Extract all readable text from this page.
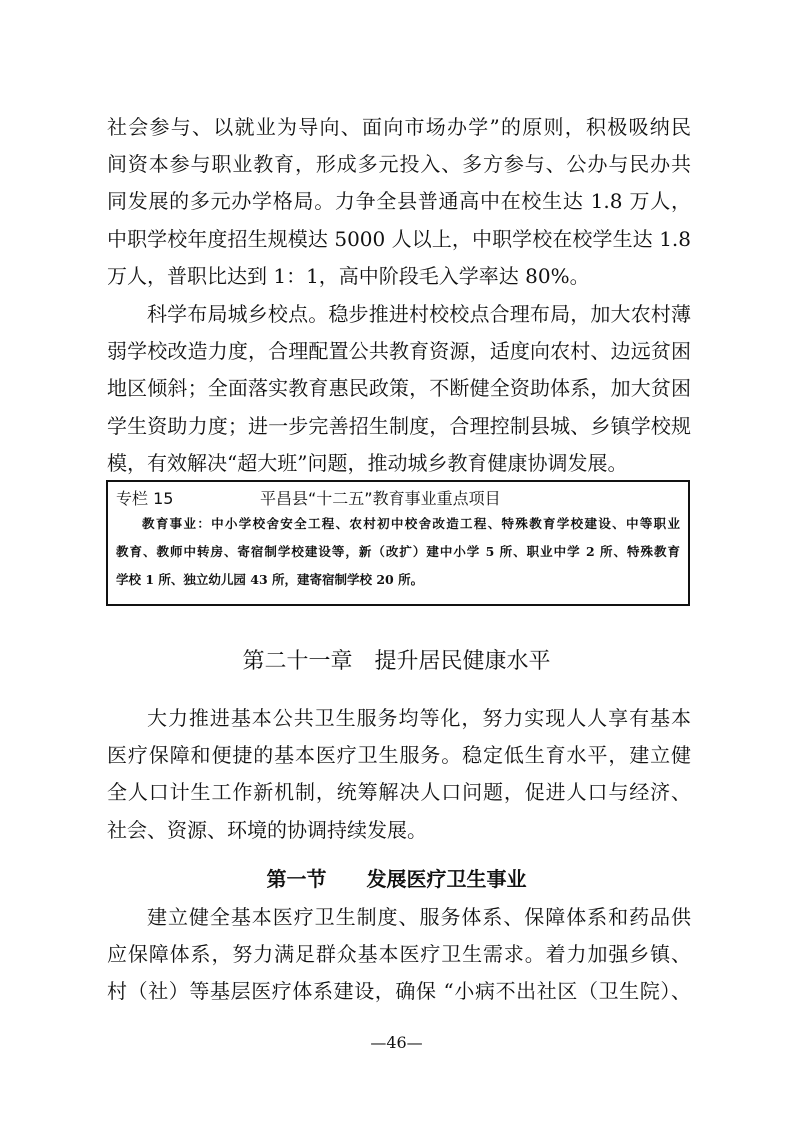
社会参与、以就业为导向、面向市场办学”的原则，积极吸纳民
间资本参与职业教育，形成多元投入、多方参与、公办与民办共
同发展的多元办学格局。力争全县普通高中在校生达 1.8 万人，
中职学校年度招生规模达 5000 人以上，中职学校在校学生达 1.8
万人，普职比达到 1：1，高中阶段毛入学率达 80%。
科学布局城乡校点。稳步推进村校校点合理布局，加大农村薄
弱学校改造力度，合理配置公共教育资源，适度向农村、边远贫困
地区倾斜；全面落实教育惠民政策，不断健全资助体系，加大贫困
学生资助力度；进一步完善招生制度，合理控制县城、乡镇学校规
模，有效解决“超大班”问题，推动城乡教育健康协调发展。
专栏 15	平昌县“十二五”教育事业重点项目
教育事业：中小学校舍安全工程、农村初中校舍改造工程、特殊教育学校建设、中等职业
教育、教师中转房、寄宿制学校建设等，新（改扩）建中小学 5 所、职业中学 2 所、特殊教育
学校 1 所、独立幼儿园 43 所，建寄宿制学校 20 所。
第二十一章　提升居民健康水平
大力推进基本公共卫生服务均等化，努力实现人人享有基本
医疗保障和便捷的基本医疗卫生服务。稳定低生育水平，建立健
全人口计生工作新机制，统筹解决人口问题，促进人口与经济、
社会、资源、环境的协调持续发展。
第一节　　发展医疗卫生事业
建立健全基本医疗卫生制度、服务体系、保障体系和药品供
应保障体系，努力满足群众基本医疗卫生需求。着力加强乡镇、
村（社）等基层医疗体系建设，确保 “小病不出社区（卫生院）、
—46—
